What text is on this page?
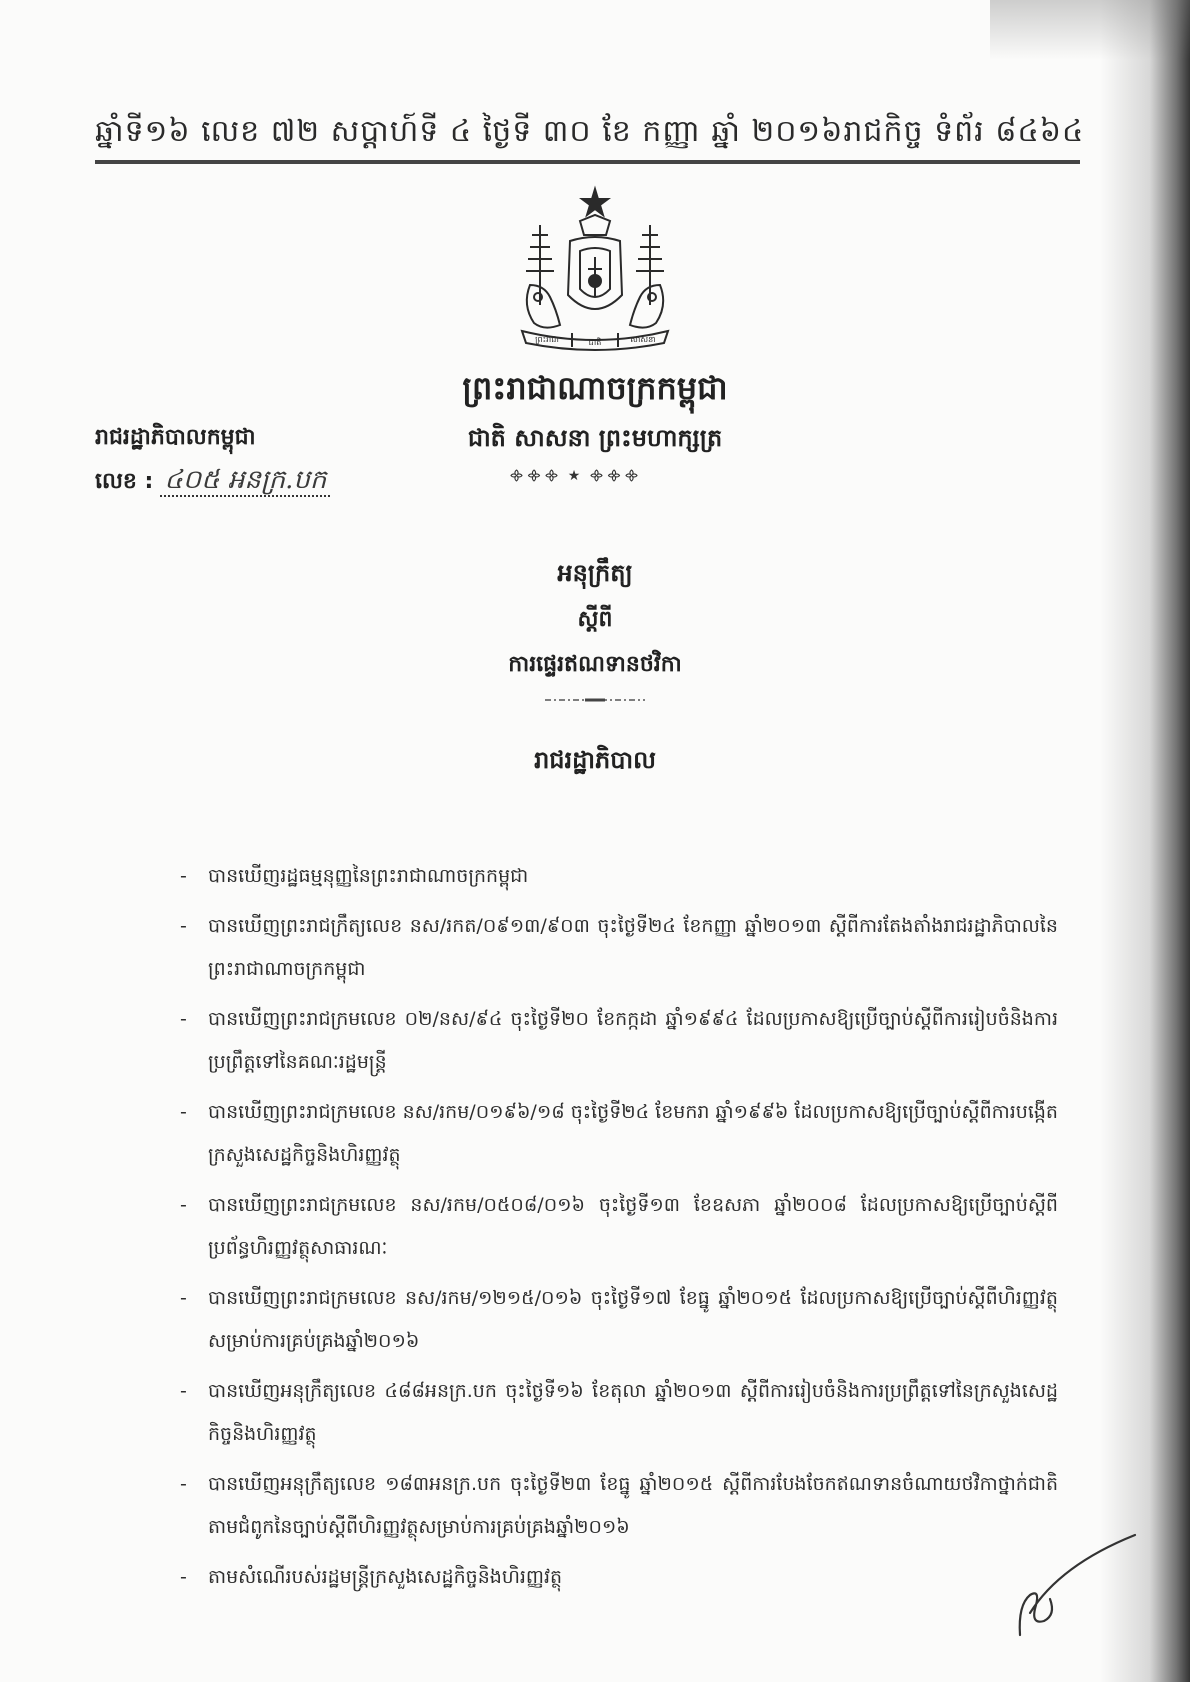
ឆ្នាំទី១៦ លេខ ៧២ សប្តាហ៍ទី ៤ ថ្ងៃទី ៣០ ខែ កញ្ញា ឆ្នាំ ២០១៦ រាជកិច្ច ទំព័រ ៨៤៦៤
ព្រះរាជា	ជាតិ	សាសនា
ព្រះរាជាណាចក្រកម្ពុជា
ជាតិ សាសនា ព្រះមហាក្សត្រ
᯽᯽᯽ ★ ᯽᯽᯽
រាជរដ្ឋាភិបាលកម្ពុជា
លេខ : ៤០៥ អនក្រ.បក
អនុក្រឹត្យ
ស្តីពី
ការផ្ទេរឥណទានថវិកា
រាជរដ្ឋាភិបាល
- បានឃើញរដ្ឋធម្មនុញ្ញនៃព្រះរាជាណាចក្រកម្ពុជា
- បានឃើញព្រះរាជក្រឹត្យលេខ នស/រកត/០៩១៣/៩០៣ ចុះថ្ងៃទី២៤ ខែកញ្ញា ឆ្នាំ២០១៣ ស្តីពីការតែងតាំងរាជរដ្ឋាភិបាលនៃព្រះរាជាណាចក្រកម្ពុជា
- បានឃើញព្រះរាជក្រមលេខ ០២/នស/៩៤ ចុះថ្ងៃទី២០ ខែកក្កដា ឆ្នាំ១៩៩៤ ដែលប្រកាសឱ្យប្រើច្បាប់ស្តីពីការរៀបចំនិងការប្រព្រឹត្តទៅនៃគណៈរដ្ឋមន្ត្រី
- បានឃើញព្រះរាជក្រមលេខ នស/រកម/០១៩៦/១៨ ចុះថ្ងៃទី២៤ ខែមករា ឆ្នាំ១៩៩៦ ដែលប្រកាសឱ្យប្រើច្បាប់ស្តីពីការបង្កើតក្រសួងសេដ្ឋកិច្ចនិងហិរញ្ញវត្ថុ
- បានឃើញព្រះរាជក្រមលេខ នស/រកម/០៥០៨/០១៦ ចុះថ្ងៃទី១៣ ខែឧសភា ឆ្នាំ២០០៨ ដែលប្រកាសឱ្យប្រើច្បាប់ស្តីពីប្រព័ន្ធហិរញ្ញវត្ថុសាធារណៈ
- បានឃើញព្រះរាជក្រមលេខ នស/រកម/១២១៥/០១៦ ចុះថ្ងៃទី១៧ ខែធ្នូ ឆ្នាំ២០១៥ ដែលប្រកាសឱ្យប្រើច្បាប់ស្តីពីហិរញ្ញវត្ថុសម្រាប់ការគ្រប់គ្រងឆ្នាំ២០១៦
- បានឃើញអនុក្រឹត្យលេខ ៤៨៨អនក្រ.បក ចុះថ្ងៃទី១៦ ខែតុលា ឆ្នាំ២០១៣ ស្តីពីការរៀបចំនិងការប្រព្រឹត្តទៅនៃក្រសួងសេដ្ឋកិច្ចនិងហិរញ្ញវត្ថុ
- បានឃើញអនុក្រឹត្យលេខ ១៨៣អនក្រ.បក ចុះថ្ងៃទី២៣ ខែធ្នូ ឆ្នាំ២០១៥ ស្តីពីការបែងចែកឥណទានចំណាយថវិកាថ្នាក់ជាតិតាមជំពូកនៃច្បាប់ស្តីពីហិរញ្ញវត្ថុសម្រាប់ការគ្រប់គ្រងឆ្នាំ២០១៦
- តាមសំណើរបស់រដ្ឋមន្ត្រីក្រសួងសេដ្ឋកិច្ចនិងហិរញ្ញវត្ថុ
